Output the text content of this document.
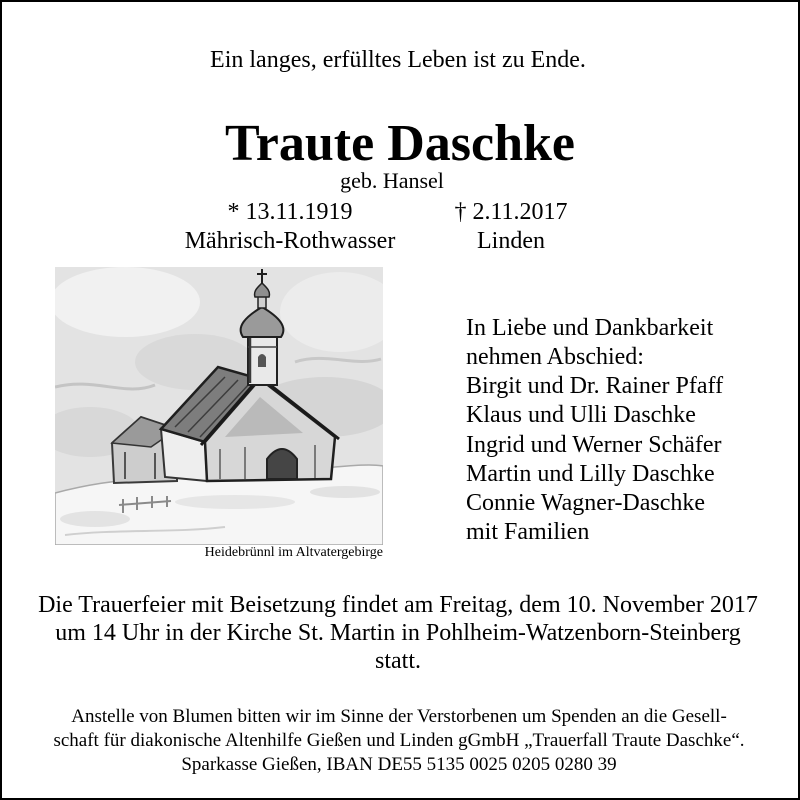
Ein langes, erfülltes Leben ist zu Ende.
Traute Daschke
geb. Hansel
* 13.11.1919	† 2.11.2017
Mährisch-Rothwasser	Linden
Heidebrünnl im Altvatergebirge
In Liebe und Dankbarkeit
nehmen Abschied:
Birgit und Dr. Rainer Pfaff
Klaus und Ulli Daschke
Ingrid und Werner Schäfer
Martin und Lilly Daschke
Connie Wagner-Daschke
mit Familien
Die Trauerfeier mit Beisetzung findet am Freitag, dem 10. November 2017
um 14 Uhr in der Kirche St. Martin in Pohlheim-Watzenborn-Steinberg
statt.
Anstelle von Blumen bitten wir im Sinne der Verstorbenen um Spenden an die Gesell-
schaft für diakonische Altenhilfe Gießen und Linden gGmbH „Trauerfall Traute Daschke“.
Sparkasse Gießen, IBAN DE55 5135 0025 0205 0280 39
